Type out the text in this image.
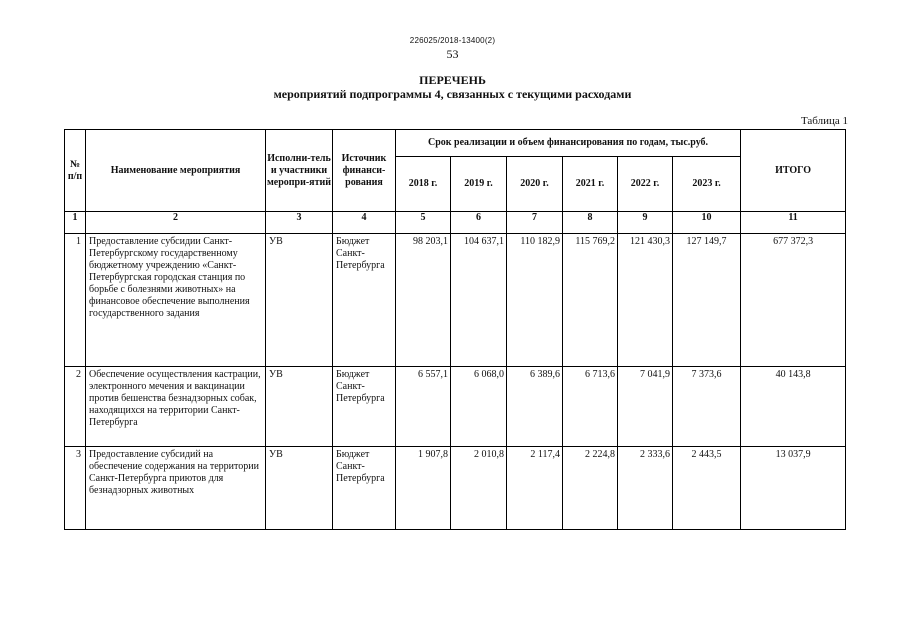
226025/2018-13400(2)
53
ПЕРЕЧЕНЬ
мероприятий подпрограммы 4, связанных с текущими расходами
Таблица 1
№ п/п	Наименование мероприятия	Исполни-тель и участники меропри-ятий	Источник финанси-рования	Срок реализации и объем финансирования по годам, тыс.руб.						ИТОГО
				2018 г.	2019 г.	2020 г.	2021 г.	2022 г.	2023 г.	
1	2	3	4	5	6	7	8	9	10	11
1	Предоставление субсидии Санкт-Петербургскому государственному бюджетному учреждению «Санкт-Петербургская городская станция по борьбе с болезнями животных» на финансовое обеспечение выполнения государственного задания	УВ	Бюджет Санкт-Петербурга	98 203,1	104 637,1	110 182,9	115 769,2	121 430,3	127 149,7	677 372,3
2	Обеспечение осуществления кастрации, электронного мечения и вакцинации против бешенства безнадзорных собак, находящихся на территории Санкт-Петербурга	УВ	Бюджет Санкт-Петербурга	6 557,1	6 068,0	6 389,6	6 713,6	7 041,9	7 373,6	40 143,8
3	Предоставление субсидий на обеспечение содержания на территории Санкт-Петербурга приютов для безнадзорных животных	УВ	Бюджет Санкт-Петербурга	1 907,8	2 010,8	2 117,4	2 224,8	2 333,6	2 443,5	13 037,9
